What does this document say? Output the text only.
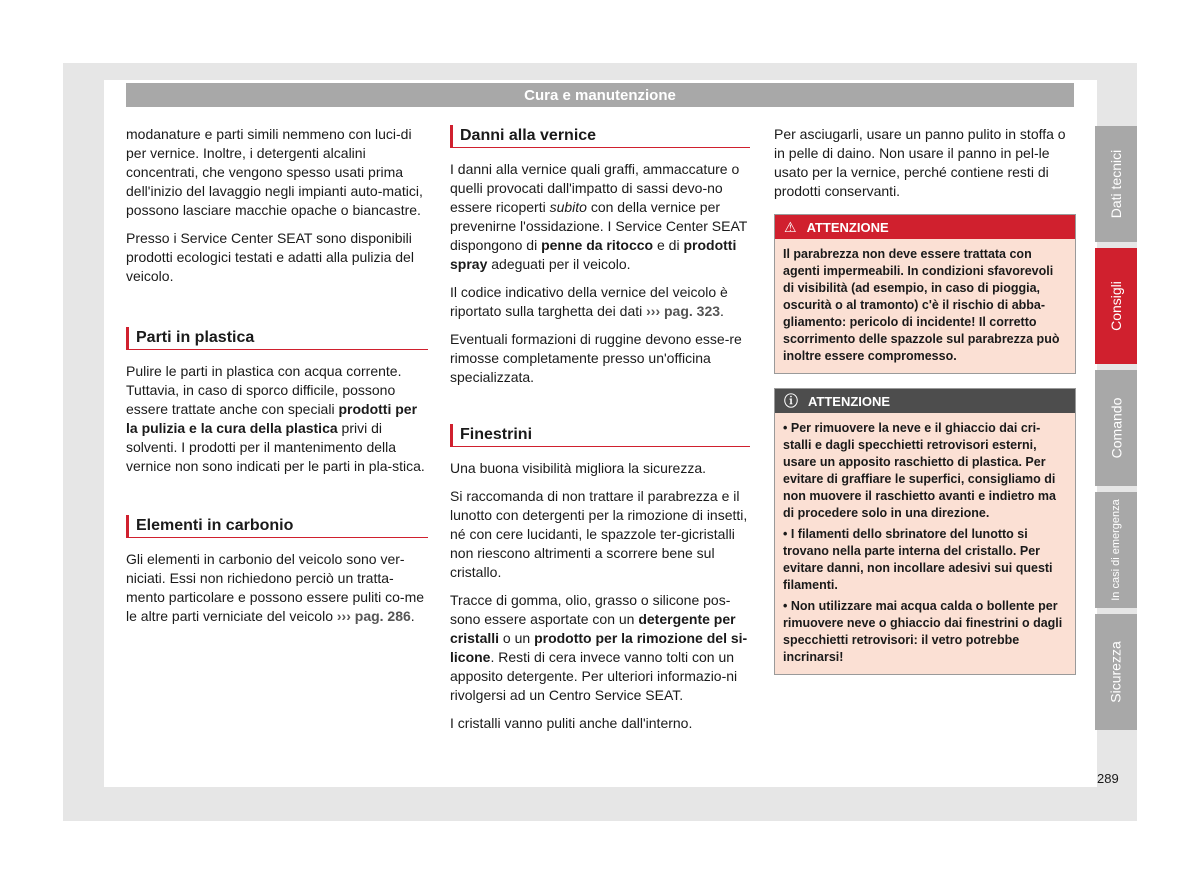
Cura e manutenzione

modanature e parti simili nemmeno con luci-di per vernice. Inoltre, i detergenti alcalini concentrati, che vengono spesso usati prima dell'inizio del lavaggio negli impianti auto-matici, possono lasciare macchie opache o biancastre.

Presso i Service Center SEAT sono disponibili prodotti ecologici testati e adatti alla pulizia del veicolo.

Parti in plastica

Pulire le parti in plastica con acqua corrente. Tuttavia, in caso di sporco difficile, possono essere trattate anche con speciali prodotti per la pulizia e la cura della plastica privi di solventi. I prodotti per il mantenimento della vernice non sono indicati per le parti in pla-stica.

Elementi in carbonio

Gli elementi in carbonio del veicolo sono ver-niciati. Essi non richiedono perciò un tratta-mento particolare e possono essere puliti co-me le altre parti verniciate del veicolo ››› pag. 286.

Danni alla vernice

I danni alla vernice quali graffi, ammaccature o quelli provocati dall'impatto di sassi devo-no essere ricoperti subito con della vernice per prevenirne l'ossidazione. I Service Center SEAT dispongono di penne da ritocco e di prodotti spray adeguati per il veicolo.

Il codice indicativo della vernice del veicolo è riportato sulla targhetta dei dati ››› pag. 323.

Eventuali formazioni di ruggine devono esse-re rimosse completamente presso un'officina specializzata.

Finestrini

Una buona visibilità migliora la sicurezza.

Si raccomanda di non trattare il parabrezza e il lunotto con detergenti per la rimozione di insetti, né con cere lucidanti, le spazzole ter-gicristalli non riescono altrimenti a scorrere bene sul cristallo.

Tracce di gomma, olio, grasso o silicone pos-sono essere asportate con un detergente per cristalli o un prodotto per la rimozione del si-licone. Resti di cera invece vanno tolti con un apposito detergente. Per ulteriori informazio-ni rivolgersi ad un Centro Service SEAT.

I cristalli vanno puliti anche dall'interno.

Per asciugarli, usare un panno pulito in stoffa o in pelle di daino. Non usare il panno in pel-le usato per la vernice, perché contiene resti di prodotti conservanti.

⚠ ATTENZIONE

Il parabrezza non deve essere trattata con agenti impermeabili. In condizioni sfavorevoli di visibilità (ad esempio, in caso di pioggia, oscurità o al tramonto) c'è il rischio di abba-gliamento: pericolo di incidente! Il corretto scorrimento delle spazzole sul parabrezza può inoltre essere compromesso.

ⓘ ATTENZIONE

• Per rimuovere la neve e il ghiaccio dai cri-stalli e dagli specchietti retrovisori esterni, usare un apposito raschietto di plastica. Per evitare di graffiare le superfici, consigliamo di non muovere il raschietto avanti e indietro ma di procedere solo in una direzione.

• I filamenti dello sbrinatore del lunotto si trovano nella parte interna del cristallo. Per evitare danni, non incollare adesivi sui questi filamenti.

• Non utilizzare mai acqua calda o bollente per rimuovere neve o ghiaccio dai finestrini o dagli specchietti retrovisori: il vetro potrebbe incrinarsi!

Dati tecnici
Consigli
Comando
In casi di emergenza
Sicurezza
289
